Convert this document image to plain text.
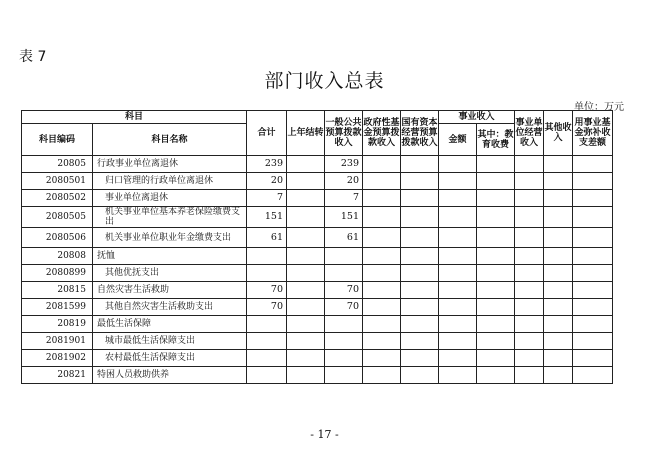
表 7
部门收入总表
单位：万元
科目		合计	上年结转	一般公共预算拨款收入	政府性基金预算拨款收入	国有资本经营预算拨款收入	事业收入		事业单位经营收入	其他收入	用事业基金弥补收支差额
科目编码	科目名称						金额	其中：教育收费			

20805	行政事业单位离退休	239		239							
2080501	归口管理的行政单位离退休	20		20							
2080502	事业单位离退休	7		7							
2080505	机关事业单位基本养老保险缴费支出	151		151							
2080506	机关事业单位职业年金缴费支出	61		61							
20808	抚恤										
2080899	其他优抚支出										
20815	自然灾害生活救助	70		70							
2081599	其他自然灾害生活救助支出	70		70							
20819	最低生活保障										
2081901	城市最低生活保障支出										
2081902	农村最低生活保障支出										
20821	特困人员救助供养										
- 17 -
